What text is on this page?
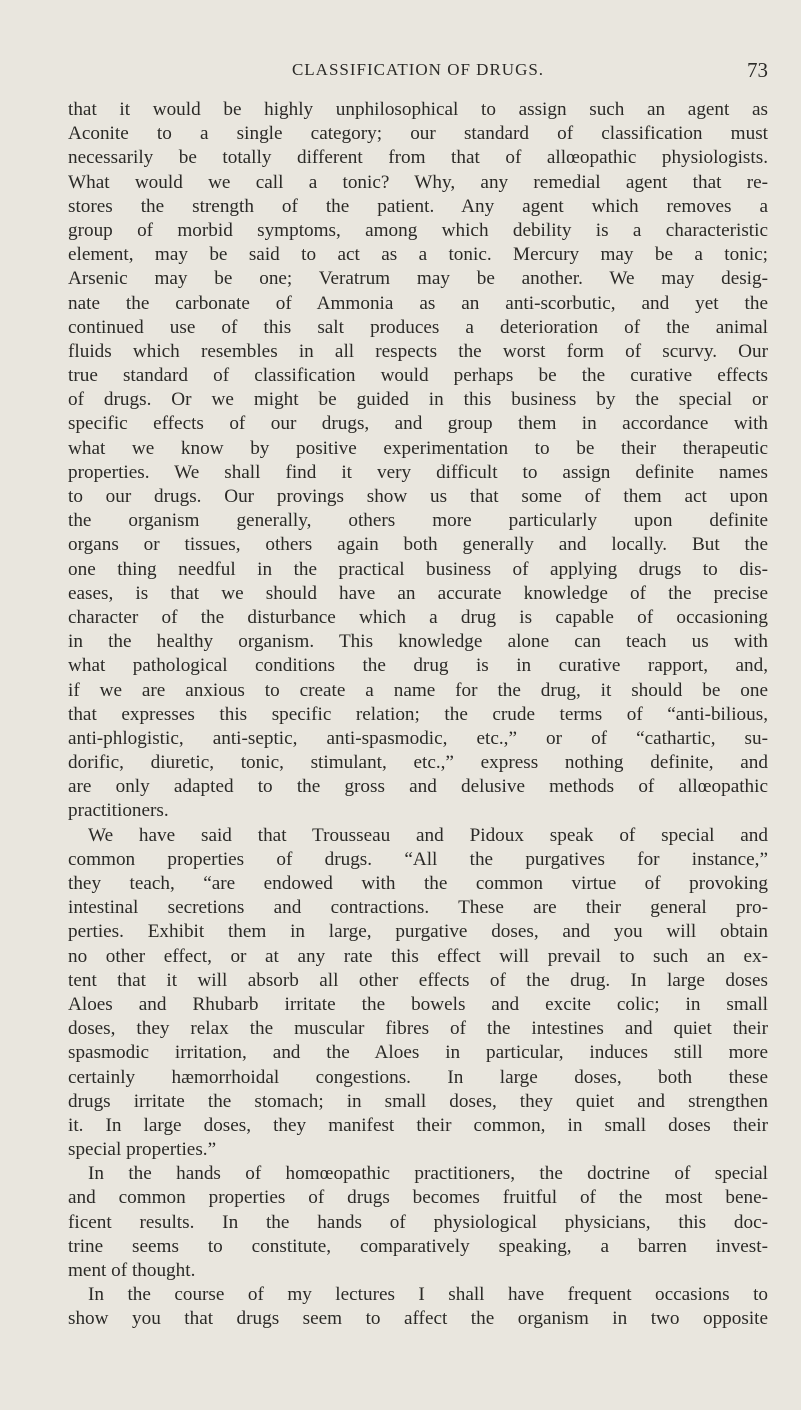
CLASSIFICATION OF DRUGS.	73
that it would be highly unphilosophical to assign such an agent as
Aconite to a single category; our standard of classification must
necessarily be totally different from that of allœopathic physiologists.
What would we call a tonic? Why, any remedial agent that re-
stores the strength of the patient. Any agent which removes a
group of morbid symptoms, among which debility is a characteristic
element, may be said to act as a tonic. Mercury may be a tonic;
Arsenic may be one; Veratrum may be another. We may desig-
nate the carbonate of Ammonia as an anti-scorbutic, and yet the
continued use of this salt produces a deterioration of the animal
fluids which resembles in all respects the worst form of scurvy. Our
true standard of classification would perhaps be the curative effects
of drugs. Or we might be guided in this business by the special or
specific effects of our drugs, and group them in accordance with
what we know by positive experimentation to be their therapeutic
properties. We shall find it very difficult to assign definite names
to our drugs. Our provings show us that some of them act upon
the organism generally, others more particularly upon definite
organs or tissues, others again both generally and locally. But the
one thing needful in the practical business of applying drugs to dis-
eases, is that we should have an accurate knowledge of the precise
character of the disturbance which a drug is capable of occasioning
in the healthy organism. This knowledge alone can teach us with
what pathological conditions the drug is in curative rapport, and,
if we are anxious to create a name for the drug, it should be one
that expresses this specific relation; the crude terms of “anti-bilious,
anti-phlogistic, anti-septic, anti-spasmodic, etc.,” or of “cathartic, su-
dorific, diuretic, tonic, stimulant, etc.,” express nothing definite, and
are only adapted to the gross and delusive methods of allœopathic
practitioners.
We have said that Trousseau and Pidoux speak of special and
common properties of drugs. “All the purgatives for instance,”
they teach, “are endowed with the common virtue of provoking
intestinal secretions and contractions. These are their general pro-
perties. Exhibit them in large, purgative doses, and you will obtain
no other effect, or at any rate this effect will prevail to such an ex-
tent that it will absorb all other effects of the drug. In large doses
Aloes and Rhubarb irritate the bowels and excite colic; in small
doses, they relax the muscular fibres of the intestines and quiet their
spasmodic irritation, and the Aloes in particular, induces still more
certainly hæmorrhoidal congestions. In large doses, both these
drugs irritate the stomach; in small doses, they quiet and strengthen
it. In large doses, they manifest their common, in small doses their
special properties.”
In the hands of homœopathic practitioners, the doctrine of special
and common properties of drugs becomes fruitful of the most bene-
ficent results. In the hands of physiological physicians, this doc-
trine seems to constitute, comparatively speaking, a barren invest-
ment of thought.
In the course of my lectures I shall have frequent occasions to
show you that drugs seem to affect the organism in two opposite
